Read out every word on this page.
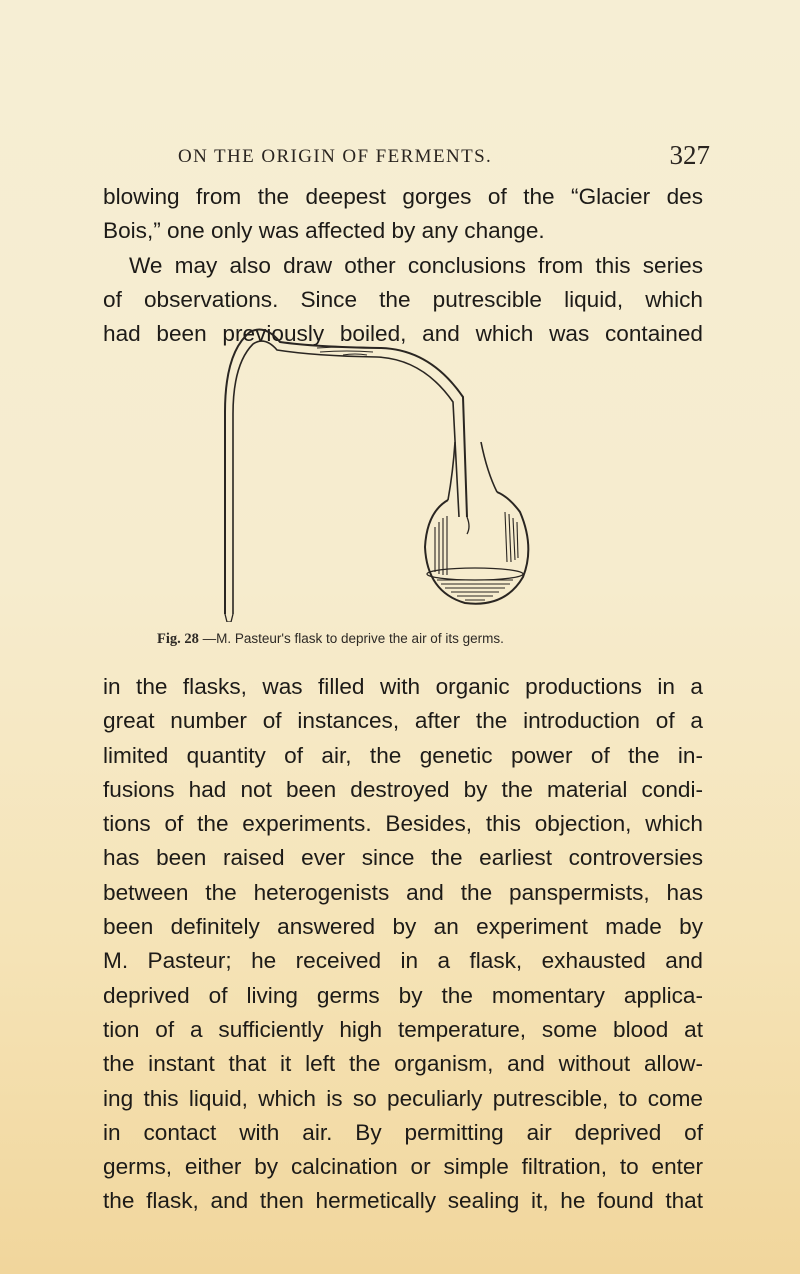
ON THE ORIGIN OF FERMENTS.	327
blowing from the deepest gorges of the “Glacier des
Bois,” one only was affected by any change.
We may also draw other conclusions from this series
of observations. Since the putrescible liquid, which
had been previously boiled, and which was contained
Fig. 28 —M. Pasteur's flask to deprive the air of its germs.
in the flasks, was filled with organic productions in a
great number of instances, after the introduction of a
limited quantity of air, the genetic power of the in-
fusions had not been destroyed by the material condi-
tions of the experiments. Besides, this objection, which
has been raised ever since the earliest controversies
between the heterogenists and the panspermists, has
been definitely answered by an experiment made by
M. Pasteur; he received in a flask, exhausted and
deprived of living germs by the momentary applica-
tion of a sufficiently high temperature, some blood at
the instant that it left the organism, and without allow-
ing this liquid, which is so peculiarly putrescible, to come
in contact with air. By permitting air deprived of
germs, either by calcination or simple filtration, to enter
the flask, and then hermetically sealing it, he found that
